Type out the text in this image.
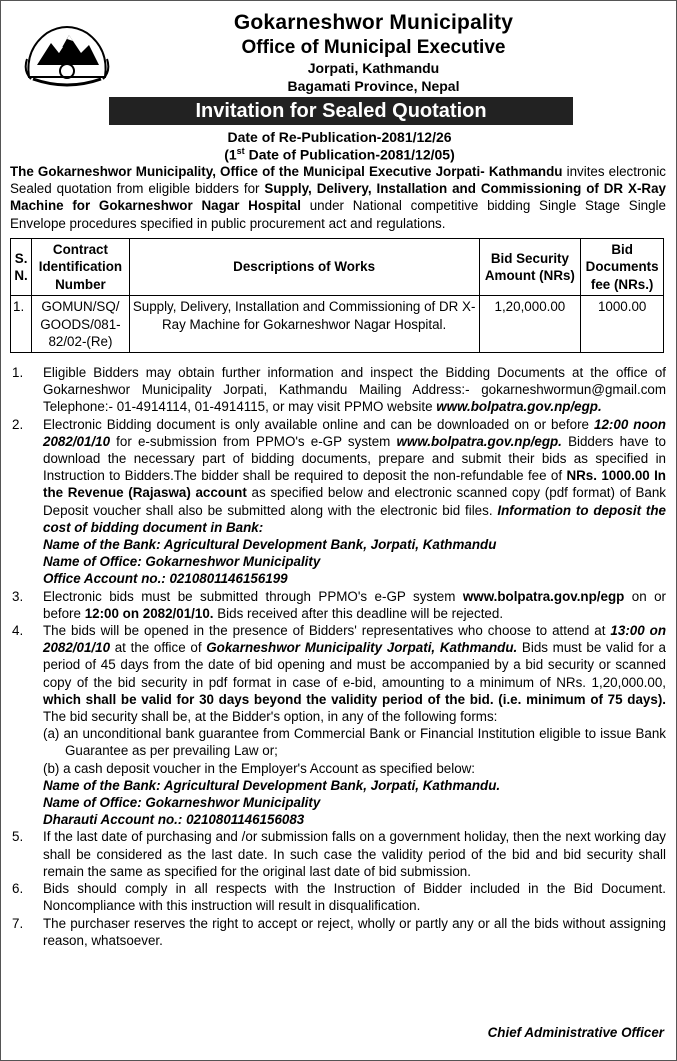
Gokarneshwor Municipality
Office of Municipal Executive
Jorpati, Kathmandu
Bagamati Province, Nepal
Invitation for Sealed Quotation
Date of Re-Publication-2081/12/26
(1st Date of Publication-2081/12/05)
The Gokarneshwor Municipality, Office of the Municipal Executive Jorpati- Kathmandu invites electronic Sealed quotation from eligible bidders for Supply, Delivery, Installation and Commissioning of DR X-Ray Machine for Gokarneshwor Nagar Hospital under National competitive bidding Single Stage Single Envelope procedures specified in public procurement act and regulations.
S. N.	Contract Identification Number	Descriptions of Works	Bid Security Amount (NRs)	Bid Documents fee (NRs.)
1.	GOMUN/SQ/ GOODS/081- 82/02-(Re)	Supply, Delivery, Installation and Commissioning of DR X-Ray Machine for Gokarneshwor Nagar Hospital.	1,20,000.00	1000.00
1. Eligible Bidders may obtain further information and inspect the Bidding Documents at the office of Gokarneshwor Municipality Jorpati, Kathmandu Mailing Address:- gokarneshwormun@gmail.com Telephone:- 01-4914114, 01-4914115, or may visit PPMO website www.bolpatra.gov.np/egp.
2. Electronic Bidding document is only available online and can be downloaded on or before 12:00 noon 2082/01/10 for e-submission from PPMO's e-GP system www.bolpatra.gov.np/egp. Bidders have to download the necessary part of bidding documents, prepare and submit their bids as specified in Instruction to Bidders.The bidder shall be required to deposit the non-refundable fee of NRs. 1000.00 In the Revenue (Rajaswa) account as specified below and electronic scanned copy (pdf format) of Bank Deposit voucher shall also be submitted along with the electronic bid files. Information to deposit the cost of bidding document in Bank:
Name of the Bank: Agricultural Development Bank, Jorpati, Kathmandu
Name of Office: Gokarneshwor Municipality
Office Account no.: 0210801146156199
3. Electronic bids must be submitted through PPMO's e-GP system www.bolpatra.gov.np/egp on or before 12:00 on 2082/01/10. Bids received after this deadline will be rejected.
4. The bids will be opened in the presence of Bidders' representatives who choose to attend at 13:00 on 2082/01/10 at the office of Gokarneshwor Municipality Jorpati, Kathmandu. Bids must be valid for a period of 45 days from the date of bid opening and must be accompanied by a bid security or scanned copy of the bid security in pdf format in case of e-bid, amounting to a minimum of NRs. 1,20,000.00, which shall be valid for 30 days beyond the validity period of the bid. (i.e. minimum of 75 days). The bid security shall be, at the Bidder's option, in any of the following forms:
(a) an unconditional bank guarantee from Commercial Bank or Financial Institution eligible to issue Bank Guarantee as per prevailing Law or;
(b) a cash deposit voucher in the Employer's Account as specified below:
Name of the Bank: Agricultural Development Bank, Jorpati, Kathmandu.
Name of Office: Gokarneshwor Municipality
Dharauti Account no.: 0210801146156083
5. If the last date of purchasing and /or submission falls on a government holiday, then the next working day shall be considered as the last date. In such case the validity period of the bid and bid security shall remain the same as specified for the original last date of bid submission.
6. Bids should comply in all respects with the Instruction of Bidder included in the Bid Document. Noncompliance with this instruction will result in disqualification.
7. The purchaser reserves the right to accept or reject, wholly or partly any or all the bids without assigning reason, whatsoever.
Chief Administrative Officer
